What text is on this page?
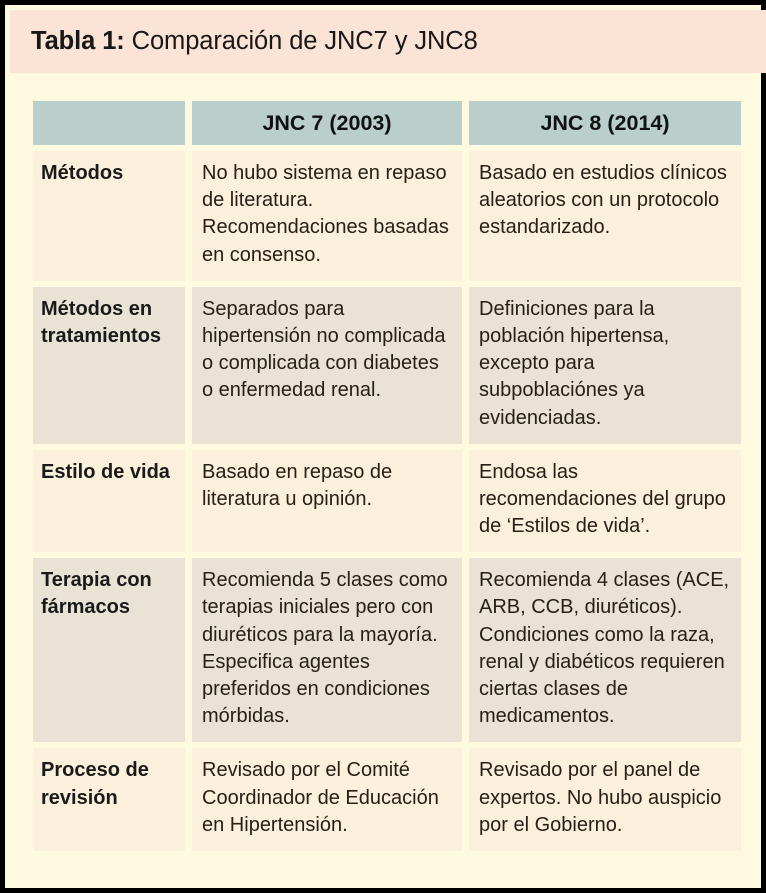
Tabla 1: Comparación de JNC7 y JNC8
	JNC 7 (2003)	JNC 8 (2014)
Métodos	No hubo sistema en repaso de literatura. Recomendaciones basadas en consenso.	Basado en estudios clínicos aleatorios con un protocolo estandarizado.
Métodos en tratamientos	Separados para hipertensión no complicada o complicada con diabetes o enfermedad renal.	Definiciones para la población hipertensa, excepto para subpoblaciónes ya evidenciadas.
Estilo de vida	Basado en repaso de literatura u opinión.	Endosa las recomendaciones del grupo de ‘Estilos de vida’.
Terapia con fármacos	Recomienda 5 clases como terapias iniciales pero con diuréticos para la mayoría. Especifica agentes preferidos en condiciones mórbidas.	Recomienda 4 clases (ACE, ARB, CCB, diuréticos). Condiciones como la raza, renal y diabéticos requieren ciertas clases de medicamentos.
Proceso de revisión	Revisado por el Comité Coordinador de Educación en Hipertensión.	Revisado por el panel de expertos. No hubo auspicio por el Gobierno.
